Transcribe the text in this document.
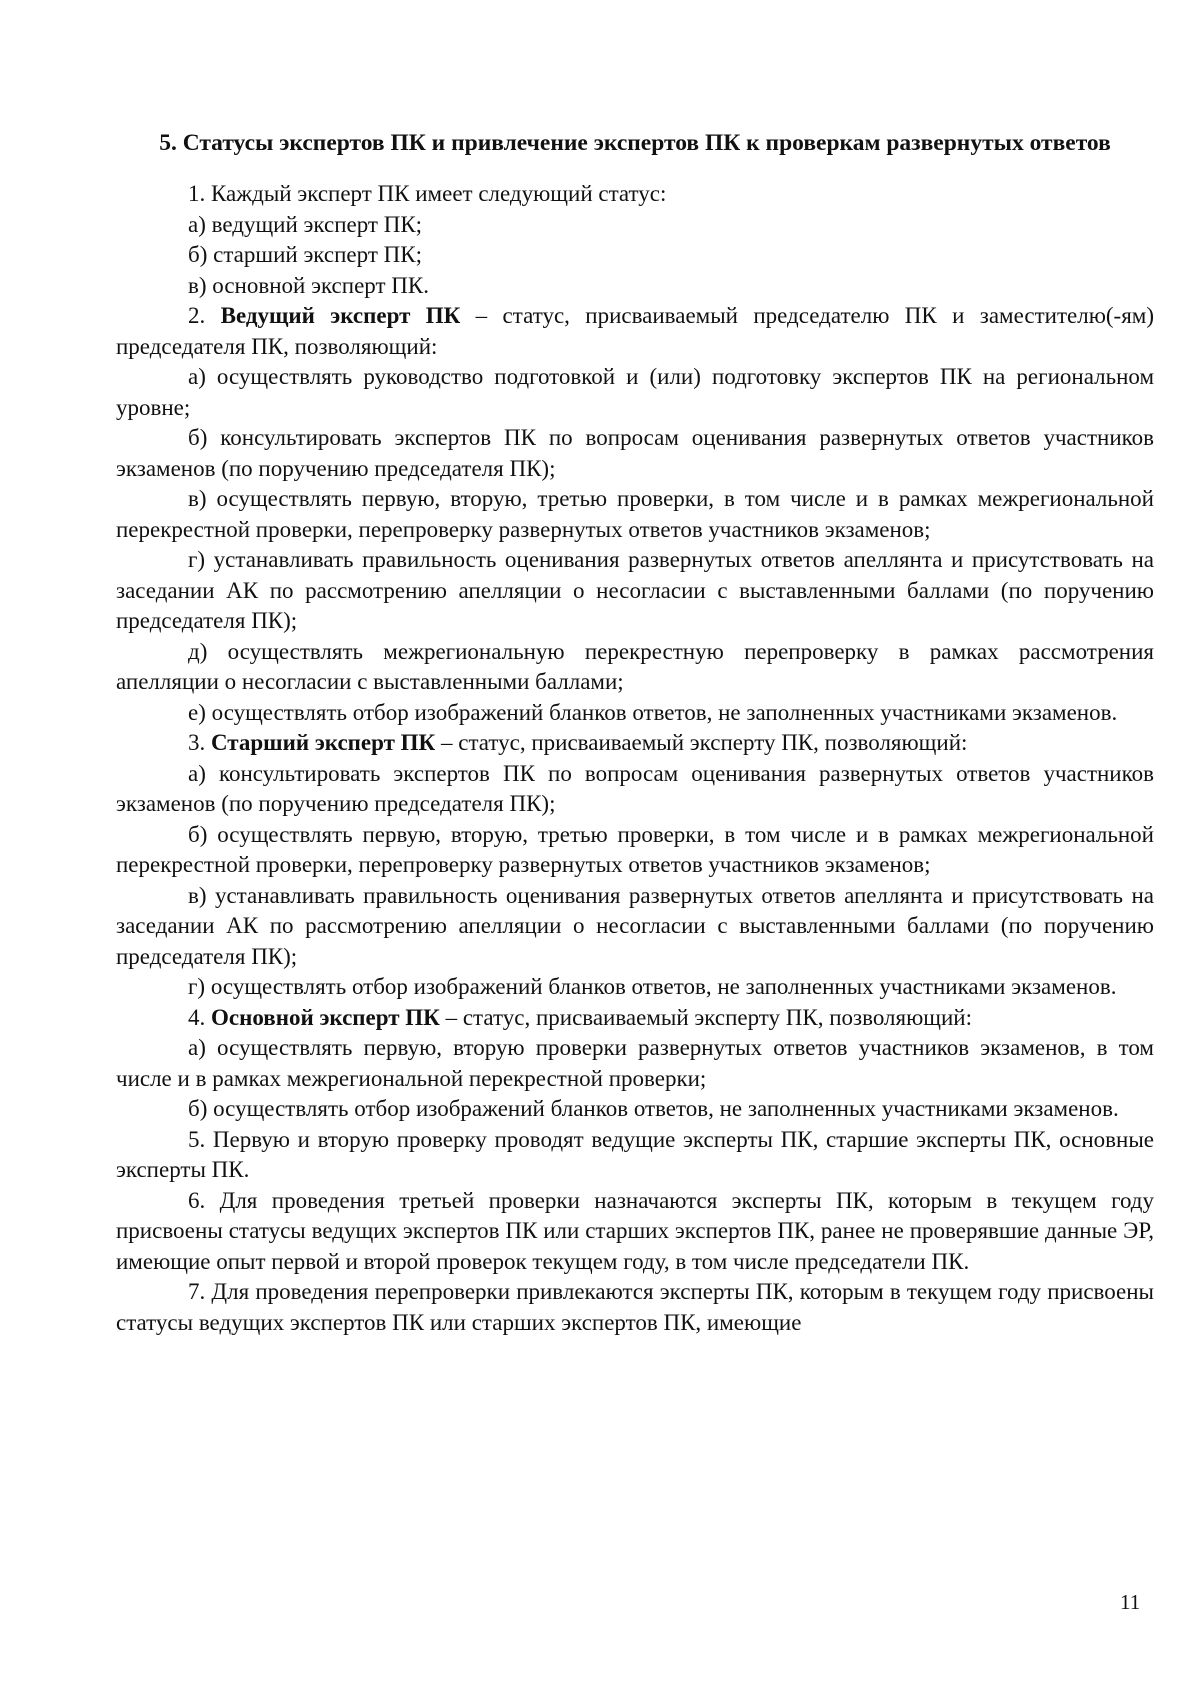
5. Статусы экспертов ПК и привлечение экспертов ПК к проверкам развернутых ответов

1. Каждый эксперт ПК имеет следующий статус:

а) ведущий эксперт ПК;

б) старший эксперт ПК;

в) основной эксперт ПК.

2. Ведущий эксперт ПК – статус, присваиваемый председателю ПК и заместителю(-ям) председателя ПК, позволяющий:

а) осуществлять руководство подготовкой и (или) подготовку экспертов ПК на региональном уровне;

б) консультировать экспертов ПК по вопросам оценивания развернутых ответов участников экзаменов (по поручению председателя ПК);

в) осуществлять первую, вторую, третью проверки, в том числе и в рамках межрегиональной перекрестной проверки, перепроверку развернутых ответов участников экзаменов;

г) устанавливать правильность оценивания развернутых ответов апеллянта и присутствовать на заседании АК по рассмотрению апелляции о несогласии с выставленными баллами (по поручению председателя ПК);

д) осуществлять межрегиональную перекрестную перепроверку в рамках рассмотрения апелляции о несогласии с выставленными баллами;

е) осуществлять отбор изображений бланков ответов, не заполненных участниками экзаменов.

3. Старший эксперт ПК – статус, присваиваемый эксперту ПК, позволяющий:

а) консультировать экспертов ПК по вопросам оценивания развернутых ответов участников экзаменов (по поручению председателя ПК);

б) осуществлять первую, вторую, третью проверки, в том числе и в рамках межрегиональной перекрестной проверки, перепроверку развернутых ответов участников экзаменов;

в) устанавливать правильность оценивания развернутых ответов апеллянта и присутствовать на заседании АК по рассмотрению апелляции о несогласии с выставленными баллами (по поручению председателя ПК);

г) осуществлять отбор изображений бланков ответов, не заполненных участниками экзаменов.

4. Основной эксперт ПК – статус, присваиваемый эксперту ПК, позволяющий:

а) осуществлять первую, вторую проверки развернутых ответов участников экзаменов, в том числе и в рамках межрегиональной перекрестной проверки;

б) осуществлять отбор изображений бланков ответов, не заполненных участниками экзаменов.

5. Первую и вторую проверку проводят ведущие эксперты ПК, старшие эксперты ПК, основные эксперты ПК.

6. Для проведения третьей проверки назначаются эксперты ПК, которым в текущем году присвоены статусы ведущих экспертов ПК или старших экспертов ПК, ранее не проверявшие данные ЭР, имеющие опыт первой и второй проверок текущем году, в том числе председатели ПК.

7. Для проведения перепроверки привлекаются эксперты ПК, которым в текущем году присвоены статусы ведущих экспертов ПК или старших экспертов ПК, имеющие

11
